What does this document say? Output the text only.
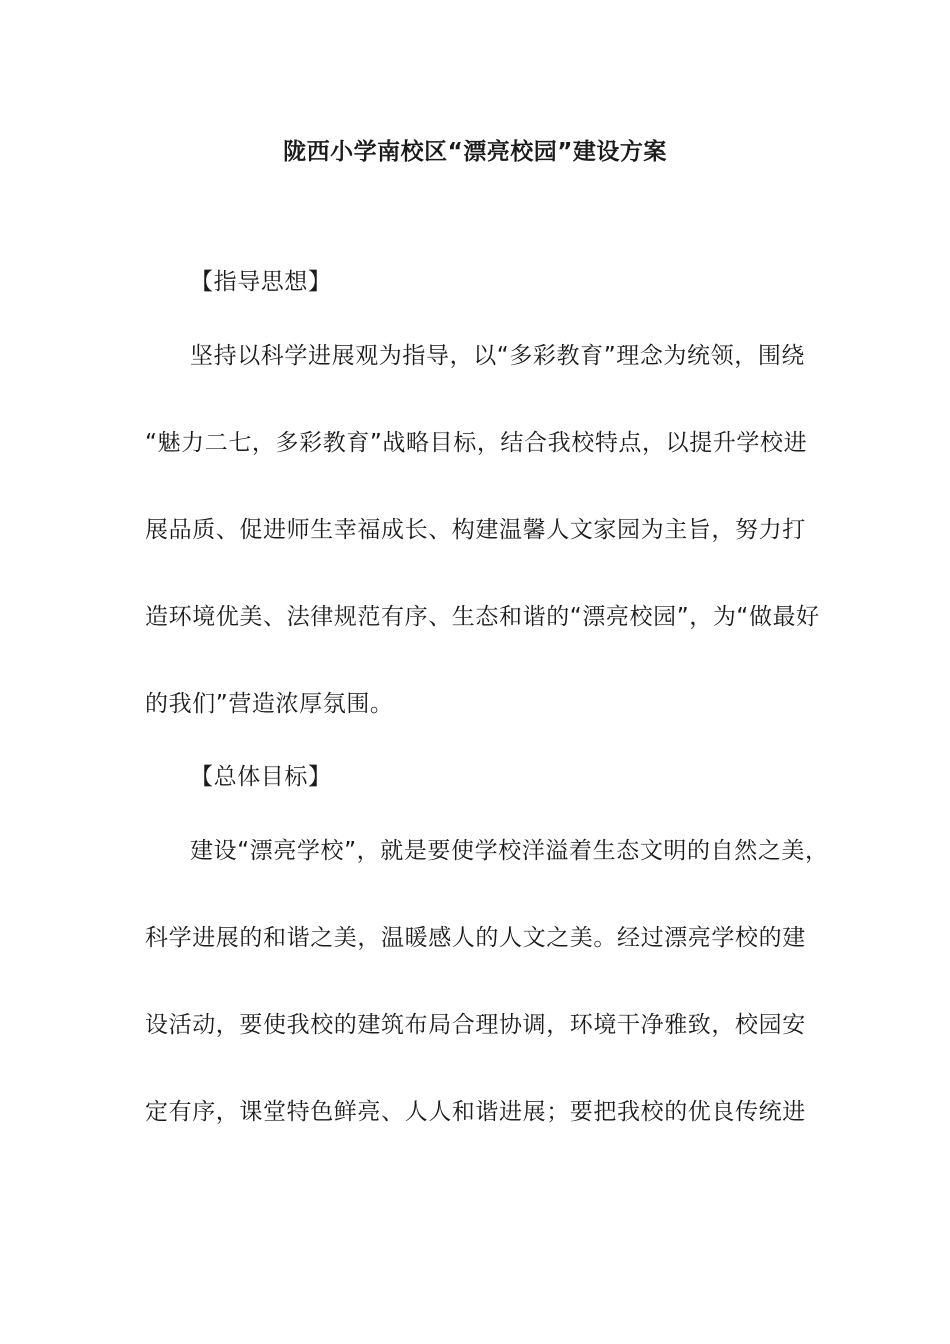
陇西小学南校区“漂亮校园”建设方案
【指导思想】
坚持以科学进展观为指导，以“多彩教育”理念为统领，围绕
“魅力二七，多彩教育”战略目标，结合我校特点，以提升学校进
展品质、促进师生幸福成长、构建温馨人文家园为主旨，努力打
造环境优美、法律规范有序、生态和谐的“漂亮校园”，为“做最好
的我们”营造浓厚氛围。
【总体目标】
建设“漂亮学校”，就是要使学校洋溢着生态文明的自然之美，
科学进展的和谐之美，温暖感人的人文之美。经过漂亮学校的建
设活动，要使我校的建筑布局合理协调，环境干净雅致，校园安
定有序，课堂特色鲜亮、人人和谐进展；要把我校的优良传统进
